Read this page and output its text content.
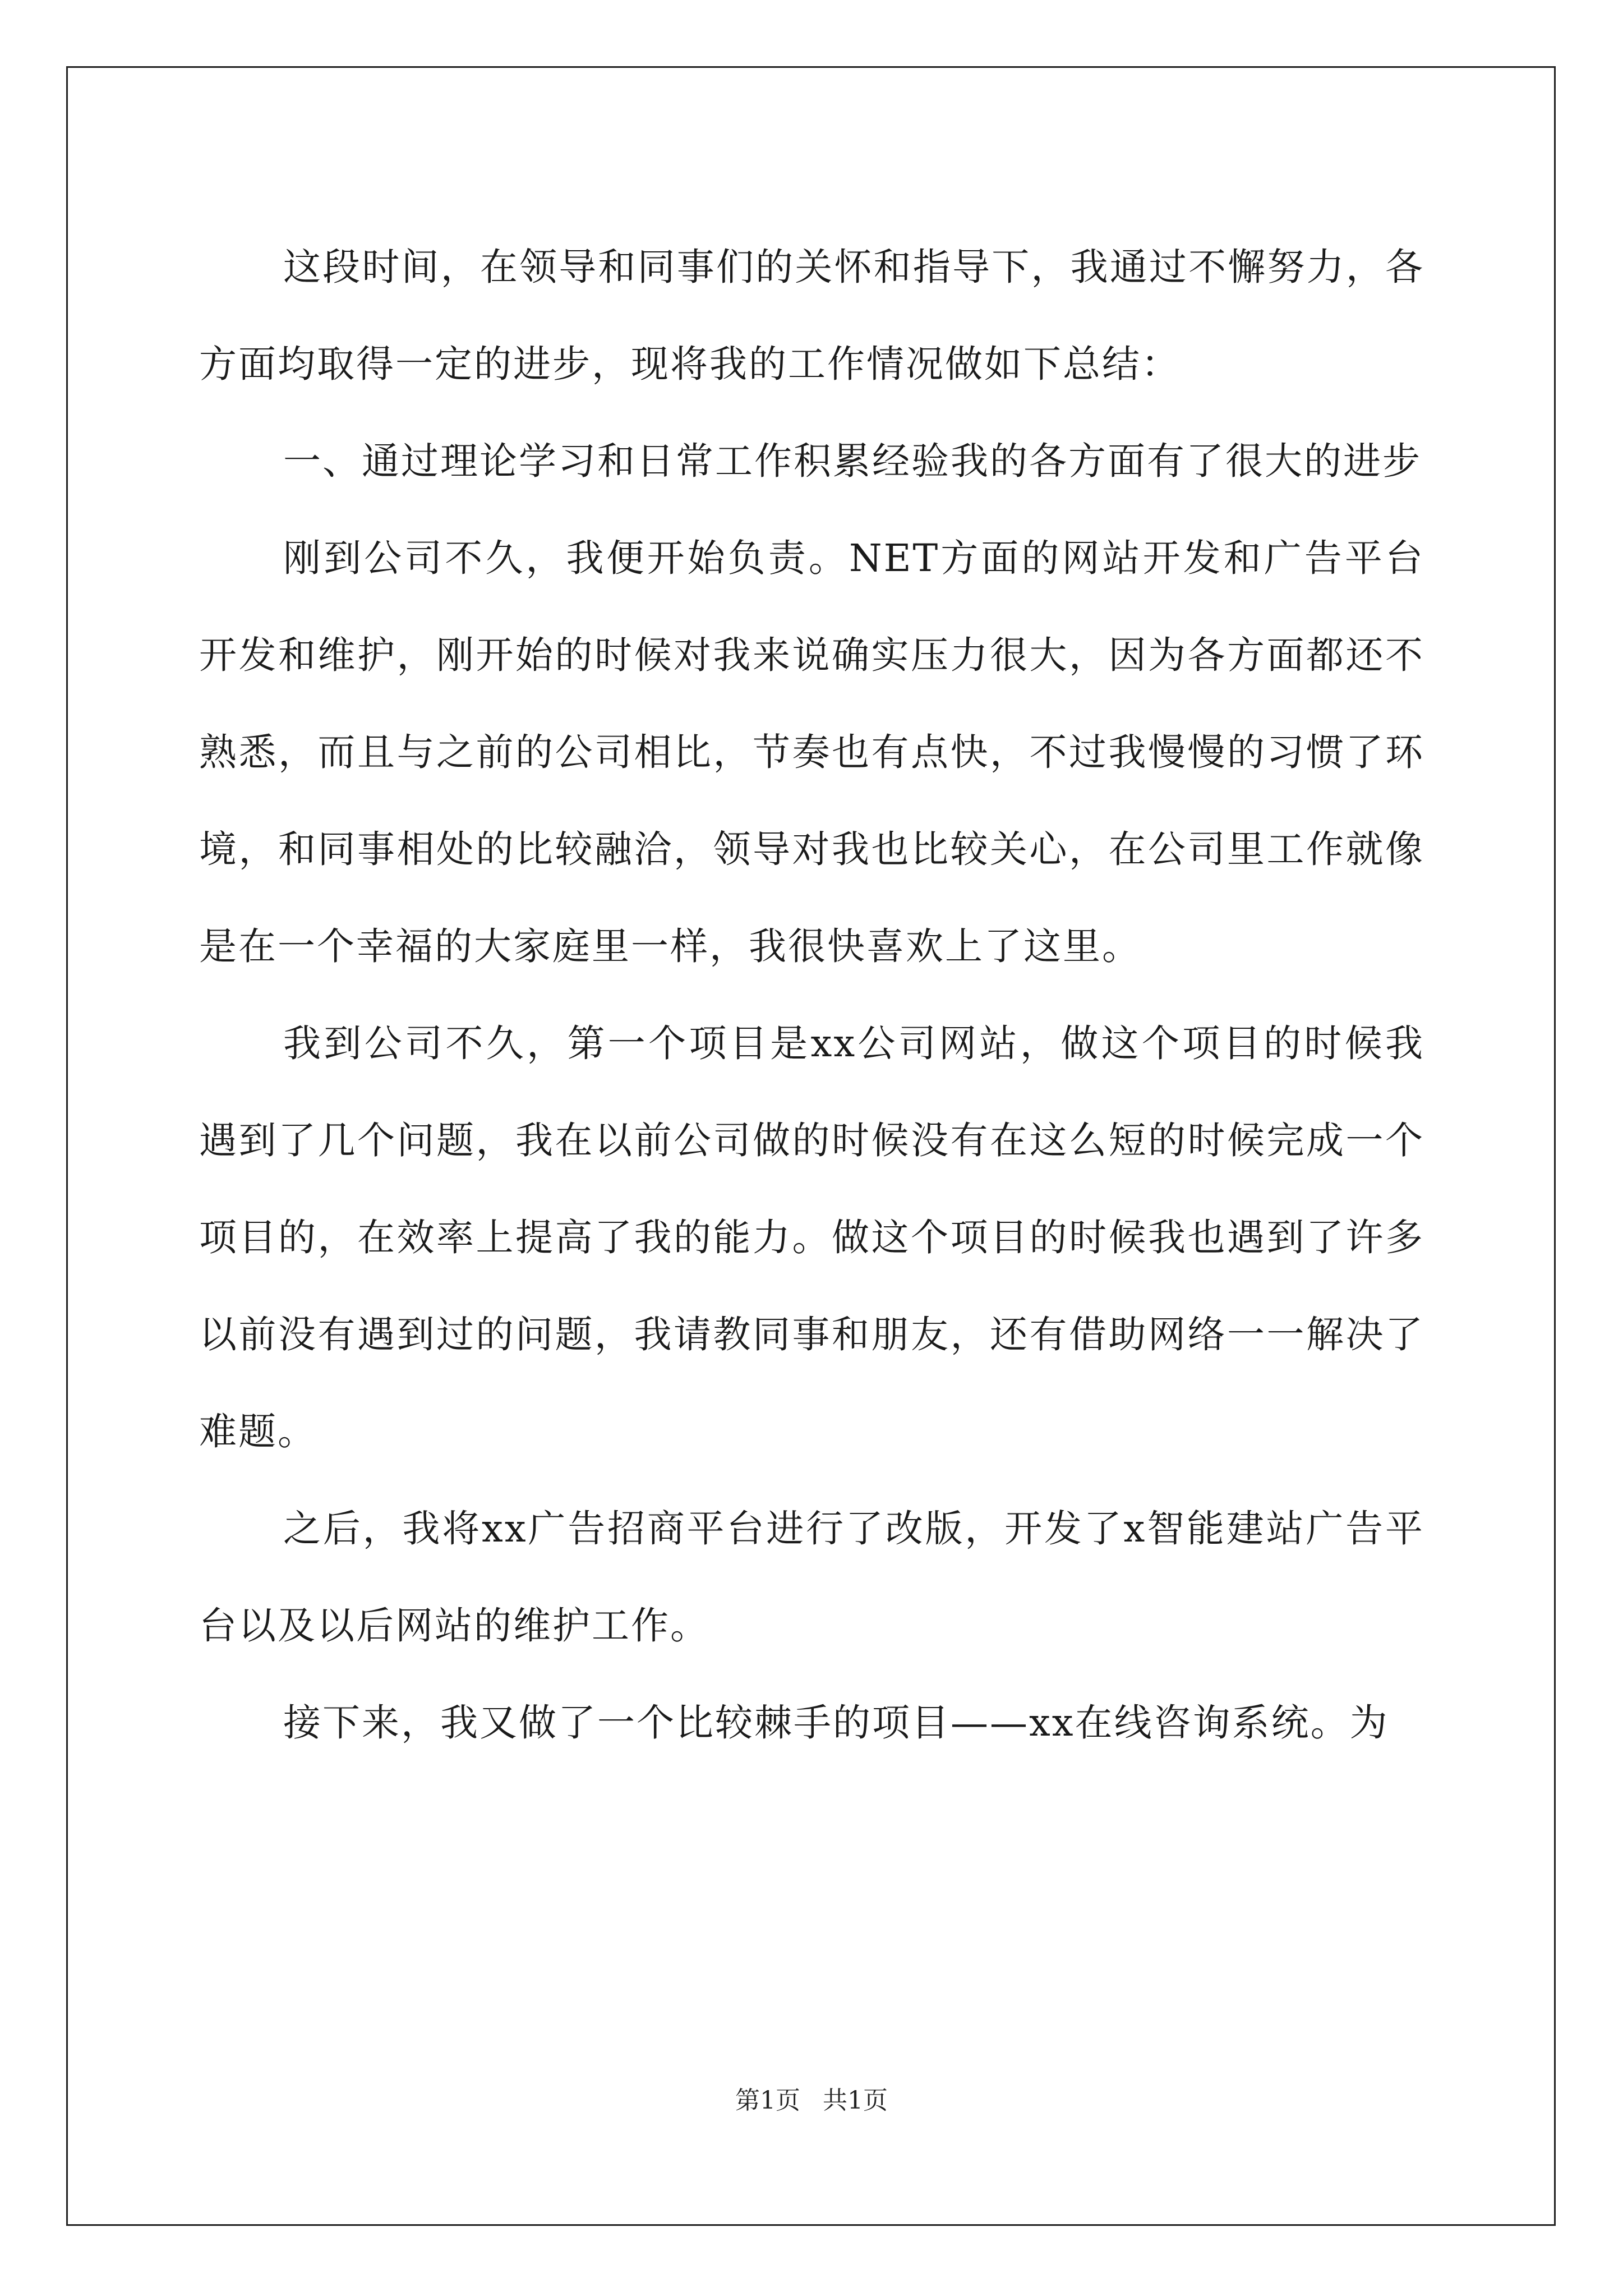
这段时间，在领导和同事们的关怀和指导下，我通过不懈努力，各方面均取得一定的进步，现将我的工作情况做如下总结：

一、通过理论学习和日常工作积累经验我的各方面有了很大的进步

刚到公司不久，我便开始负责。NET方面的网站开发和广告平台开发和维护，刚开始的时候对我来说确实压力很大，因为各方面都还不熟悉，而且与之前的公司相比，节奏也有点快，不过我慢慢的习惯了环境，和同事相处的比较融洽，领导对我也比较关心，在公司里工作就像是在一个幸福的大家庭里一样，我很快喜欢上了这里。

我到公司不久，第一个项目是xx公司网站，做这个项目的时候我遇到了几个问题，我在以前公司做的时候没有在这么短的时候完成一个项目的，在效率上提高了我的能力。做这个项目的时候我也遇到了许多以前没有遇到过的问题，我请教同事和朋友，还有借助网络一一解决了难题。

之后，我将xx广告招商平台进行了改版，开发了x智能建站广告平台以及以后网站的维护工作。

接下来，我又做了一个比较棘手的项目——xx在线咨询系统。为

第1页 共1页
